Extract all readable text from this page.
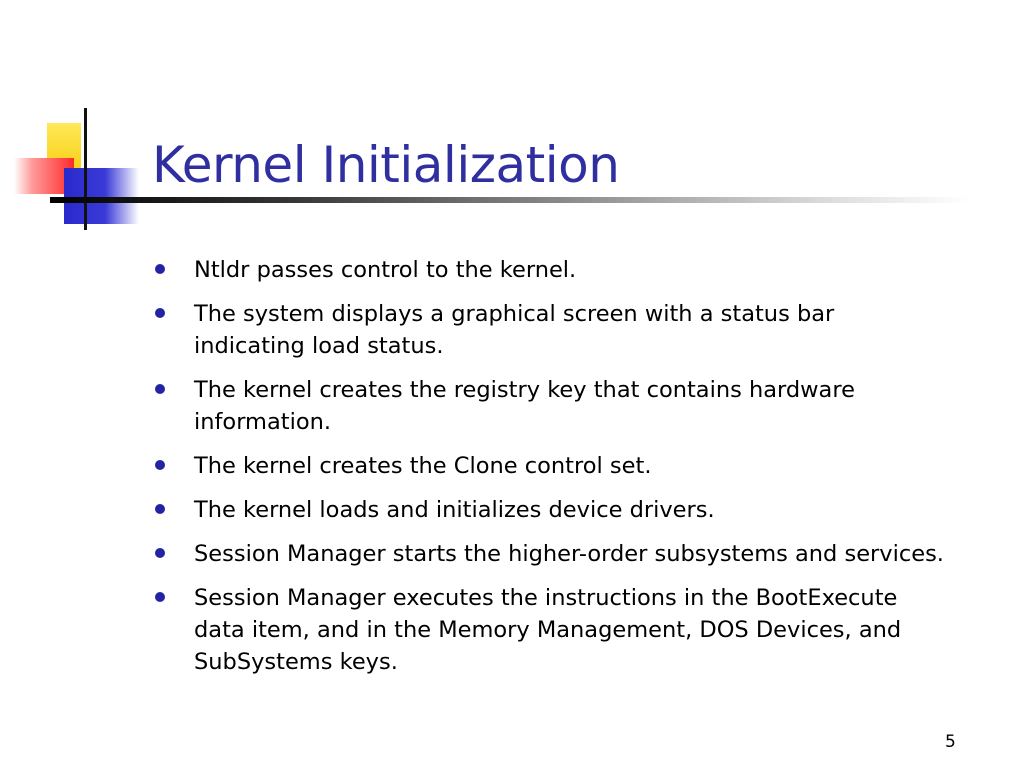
Kernel Initialization
Ntldr passes control to the kernel.
The system displays a graphical screen with a status bar indicating load status.
The kernel creates the registry key that contains hardware information.
The kernel creates the Clone control set.
The kernel loads and initializes device drivers.
Session Manager starts the higher-order subsystems and services.
Session Manager executes the instructions in the BootExecute data item, and in the Memory Management, DOS Devices, and SubSystems keys.
5
